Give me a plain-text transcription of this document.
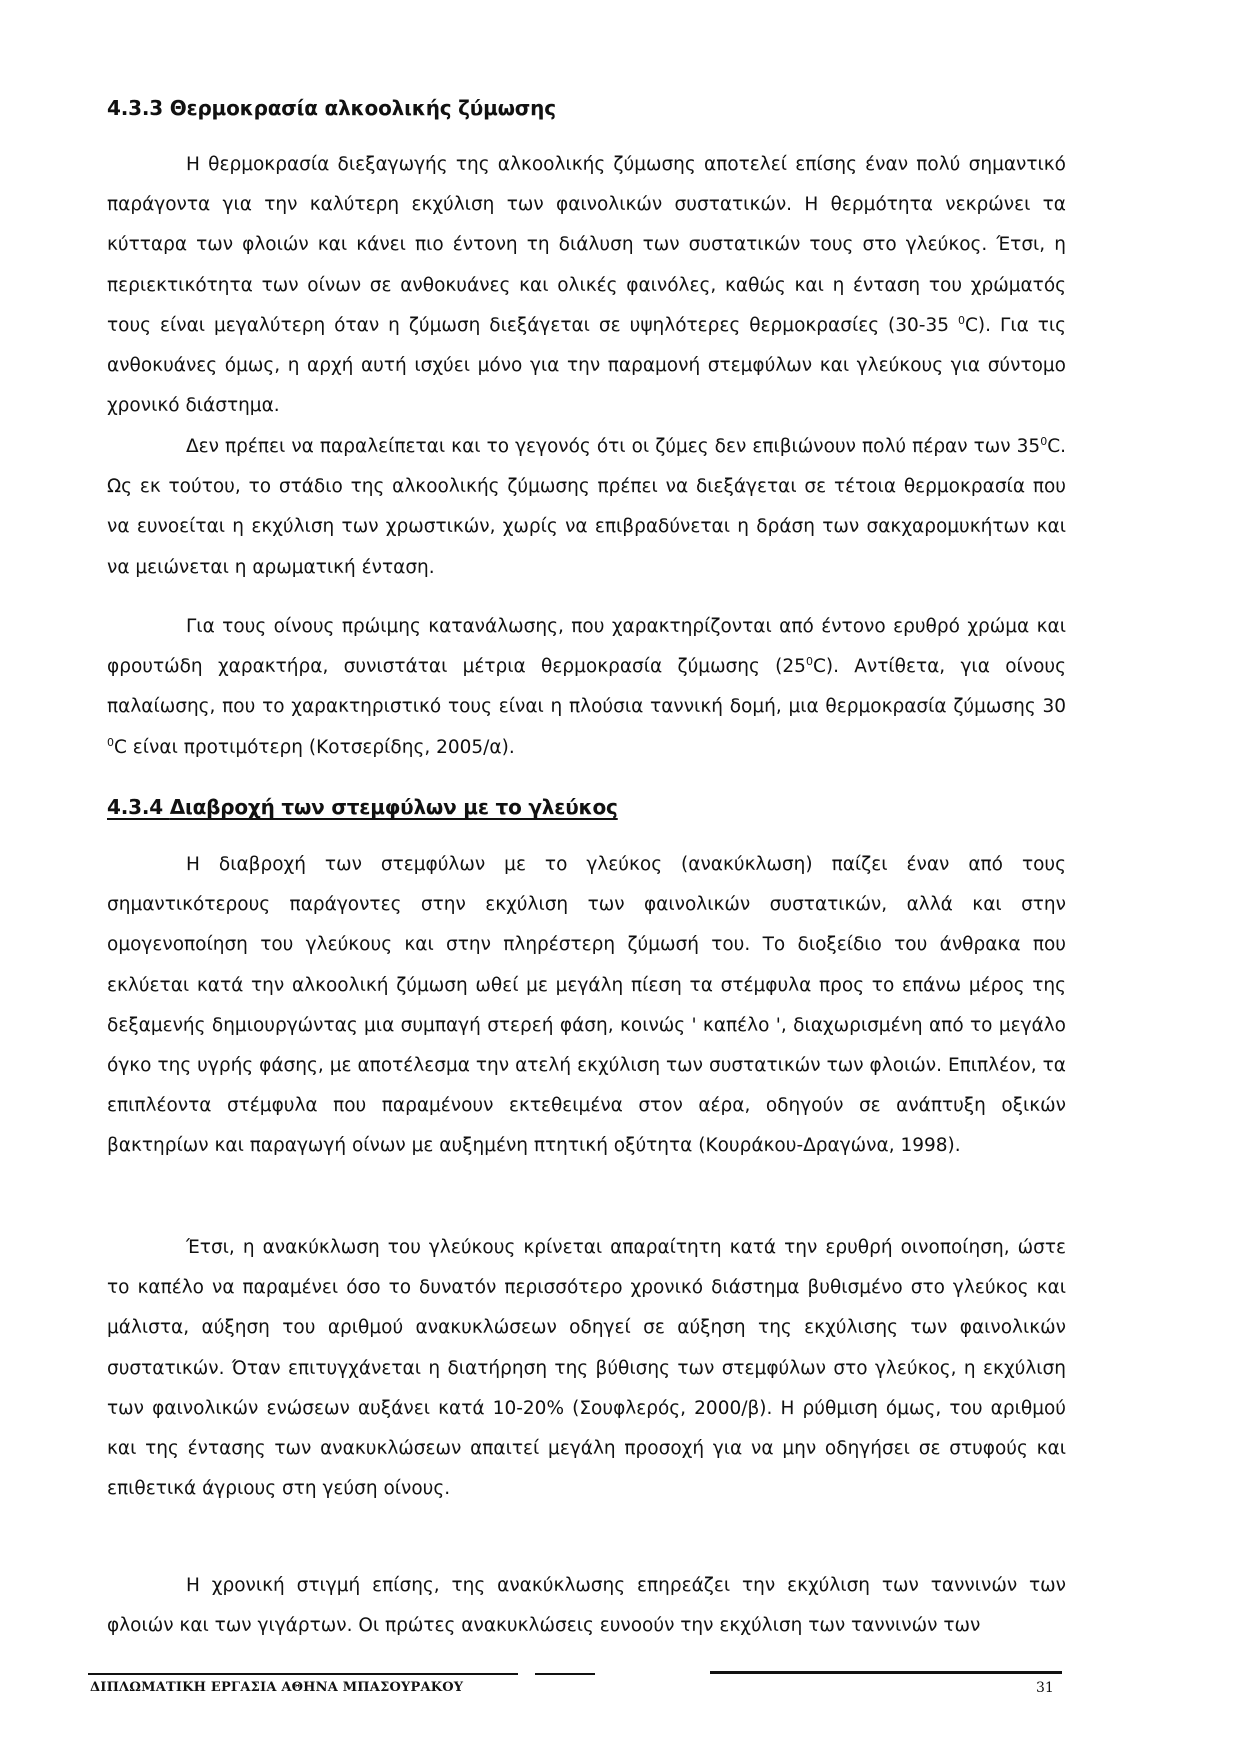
4.3.3 Θερμοκρασία αλκοολικής ζύμωσης

Η θερμοκρασία διεξαγωγής της αλκοολικής ζύμωσης αποτελεί επίσης έναν πολύ σημαντικό παράγοντα για την καλύτερη εκχύλιση των φαινολικών συστατικών. Η θερμότητα νεκρώνει τα κύτταρα των φλοιών και κάνει πιο έντονη τη διάλυση των συστατικών τους στο γλεύκος. Έτσι, η περιεκτικότητα των οίνων σε ανθοκυάνες και ολικές φαινόλες, καθώς και η ένταση του χρώματός τους είναι μεγαλύτερη όταν η ζύμωση διεξάγεται σε υψηλότερες θερμοκρασίες (30-35 $^0$C). Για τις ανθοκυάνες όμως, η αρχή αυτή ισχύει μόνο για την παραμονή στεμφύλων και γλεύκους για σύντομο χρονικό διάστημα.

Δεν πρέπει να παραλείπεται και το γεγονός ότι οι ζύμες δεν επιβιώνουν πολύ πέραν των $35^0C$. Ως εκ τούτου, το στάδιο της αλκοολικής ζύμωσης πρέπει να διεξάγεται σε τέτοια θερμοκρασία που να ευνοείται η εκχύλιση των χρωστικών, χωρίς να επιβραδύνεται η δράση των σακχαρομυκήτων και να μειώνεται η αρωματική ένταση.

Για τους οίνους πρώιμης κατανάλωσης, που χαρακτηρίζονται από έντονο ερυθρό χρώμα και φρουτώδη χαρακτήρα, συνιστάται μέτρια θερμοκρασία ζύμωσης $(25^0C)$. Αντίθετα, για οίνους παλαίωσης, που το χαρακτηριστικό τους είναι η πλούσια ταννική δομή, μια θερμοκρασία ζύμωσης 30 $^0$C είναι προτιμότερη (Κοτσερίδης, 2005/α).

4.3.4 Διαβροχή των στεμφύλων με το γλεύκος

Η διαβροχή των στεμφύλων με το γλεύκος (ανακύκλωση) παίζει έναν από τους σημαντικότερους παράγοντες στην εκχύλιση των φαινολικών συστατικών, αλλά και στην ομογενοποίηση του γλεύκους και στην πληρέστερη ζύμωσή του. Το διοξείδιο του άνθρακα που εκλύεται κατά την αλκοολική ζύμωση ωθεί με μεγάλη πίεση τα στέμφυλα προς το επάνω μέρος της δεξαμενής δημιουργώντας μια συμπαγή στερεή φάση, κοινώς ' καπέλο ', διαχωρισμένη από το μεγάλο όγκο της υγρής φάσης, με αποτέλεσμα την ατελή εκχύλιση των συστατικών των φλοιών. Επιπλέον, τα επιπλέοντα στέμφυλα που παραμένουν εκτεθειμένα στον αέρα, οδηγούν σε ανάπτυξη οξικών βακτηρίων και παραγωγή οίνων με αυξημένη πτητική οξύτητα (Κουράκου-Δραγώνα, 1998).

Έτσι, η ανακύκλωση του γλεύκους κρίνεται απαραίτητη κατά την ερυθρή οινοποίηση, ώστε το καπέλο να παραμένει όσο το δυνατόν περισσότερο χρονικό διάστημα βυθισμένο στο γλεύκος και μάλιστα, αύξηση του αριθμού ανακυκλώσεων οδηγεί σε αύξηση της εκχύλισης των φαινολικών συστατικών. Όταν επιτυγχάνεται η διατήρηση της βύθισης των στεμφύλων στο γλεύκος, η εκχύλιση των φαινολικών ενώσεων αυξάνει κατά 10-20% (Σουφλερός, 2000/β). Η ρύθμιση όμως, του αριθμού και της έντασης των ανακυκλώσεων απαιτεί μεγάλη προσοχή για να μην οδηγήσει σε στυφούς και επιθετικά άγριους στη γεύση οίνους.

Η χρονική στιγμή επίσης, της ανακύκλωσης επηρεάζει την εκχύλιση των ταννινών των φλοιών και των γιγάρτων. Οι πρώτες ανακυκλώσεις ευνοούν την εκχύλιση των ταννινών των

ΔΙΠΛΩΜΑΤΙΚΗ ΕΡΓΑΣΙΑ ΑΘΗΝΑ ΜΠΑΣΟΥΡΑΚΟΥ	31
